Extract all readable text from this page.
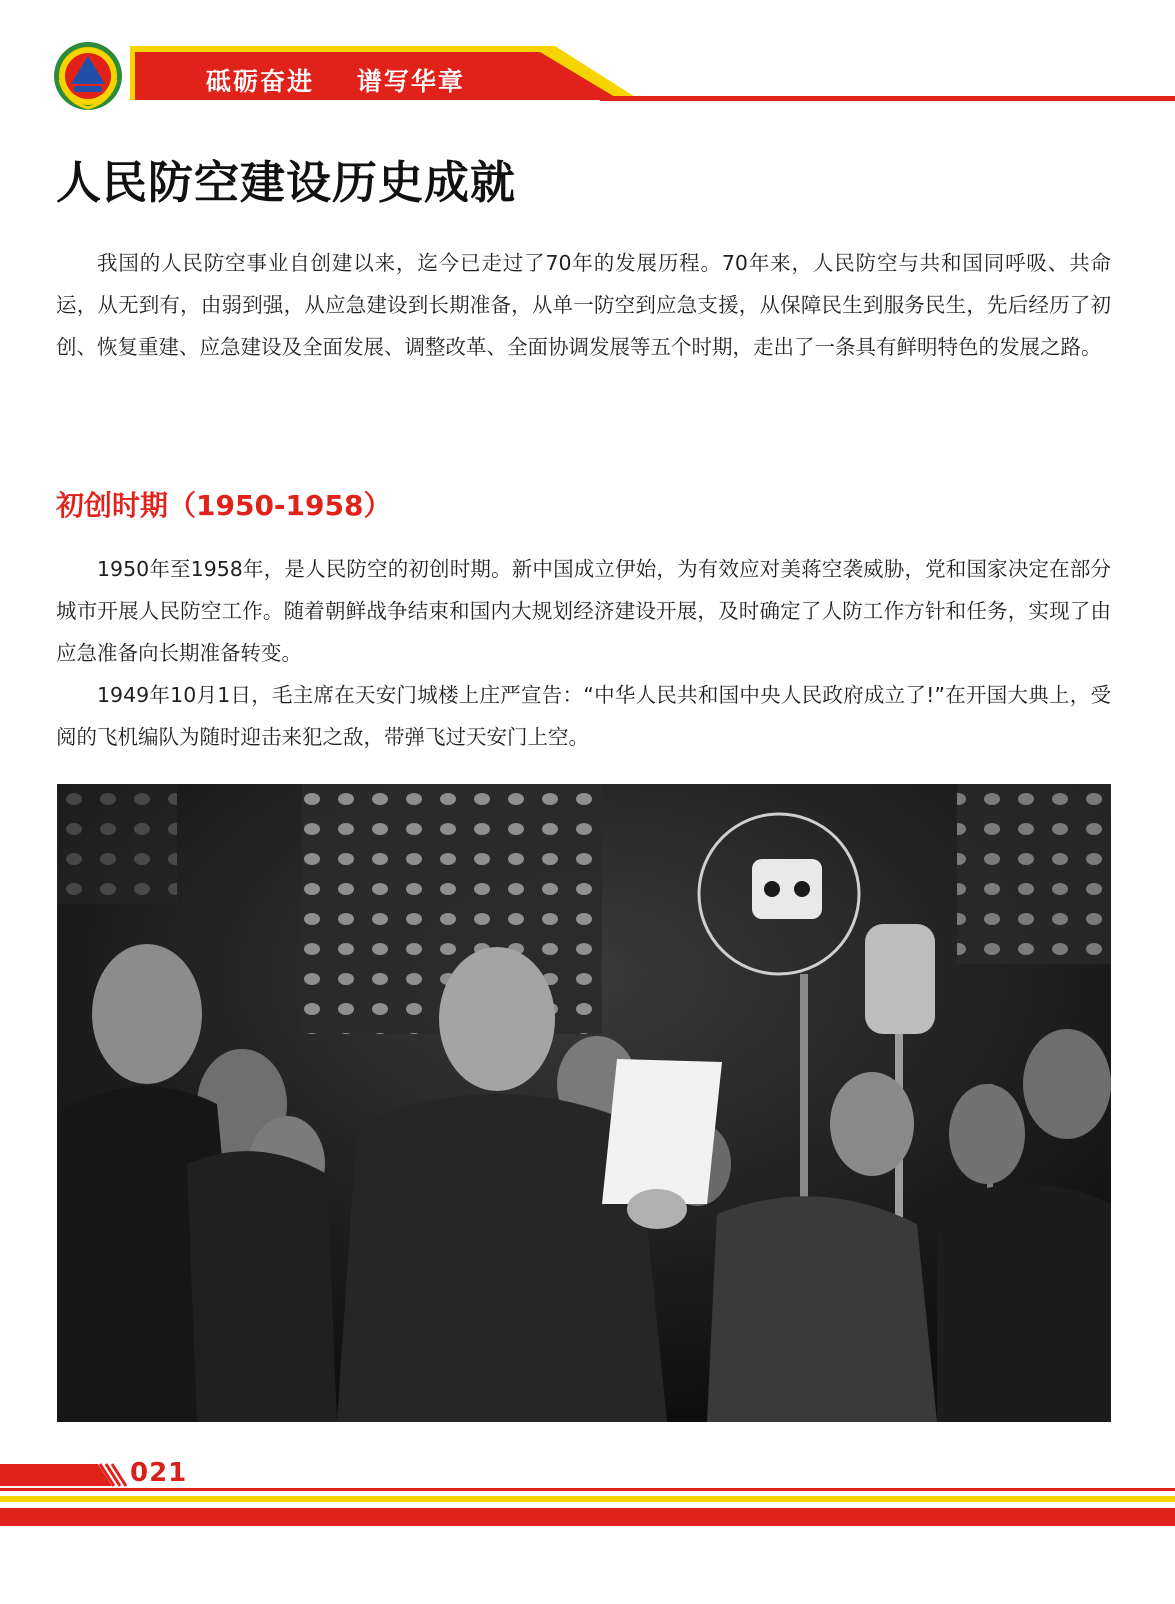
砥砺奋进    谱写华章
人民防空建设历史成就

我国的人民防空事业自创建以来，迄今已走过了70年的发展历程。70年来，人民防空与共和国同呼吸、共命运，从无到有，由弱到强，从应急建设到长期准备，从单一防空到应急支援，从保障民生到服务民生，先后经历了初创、恢复重建、应急建设及全面发展、调整改革、全面协调发展等五个时期，走出了一条具有鲜明特色的发展之路。

初创时期（1950-1958）

1950年至1958年，是人民防空的初创时期。新中国成立伊始，为有效应对美蒋空袭威胁，党和国家决定在部分城市开展人民防空工作。随着朝鲜战争结束和国内大规划经济建设开展，及时确定了人防工作方针和任务，实现了由应急准备向长期准备转变。

1949年10月1日，毛主席在天安门城楼上庄严宣告：“中华人民共和国中央人民政府成立了!”在开国大典上，受阅的飞机编队为随时迎击来犯之敌，带弹飞过天安门上空。

021
